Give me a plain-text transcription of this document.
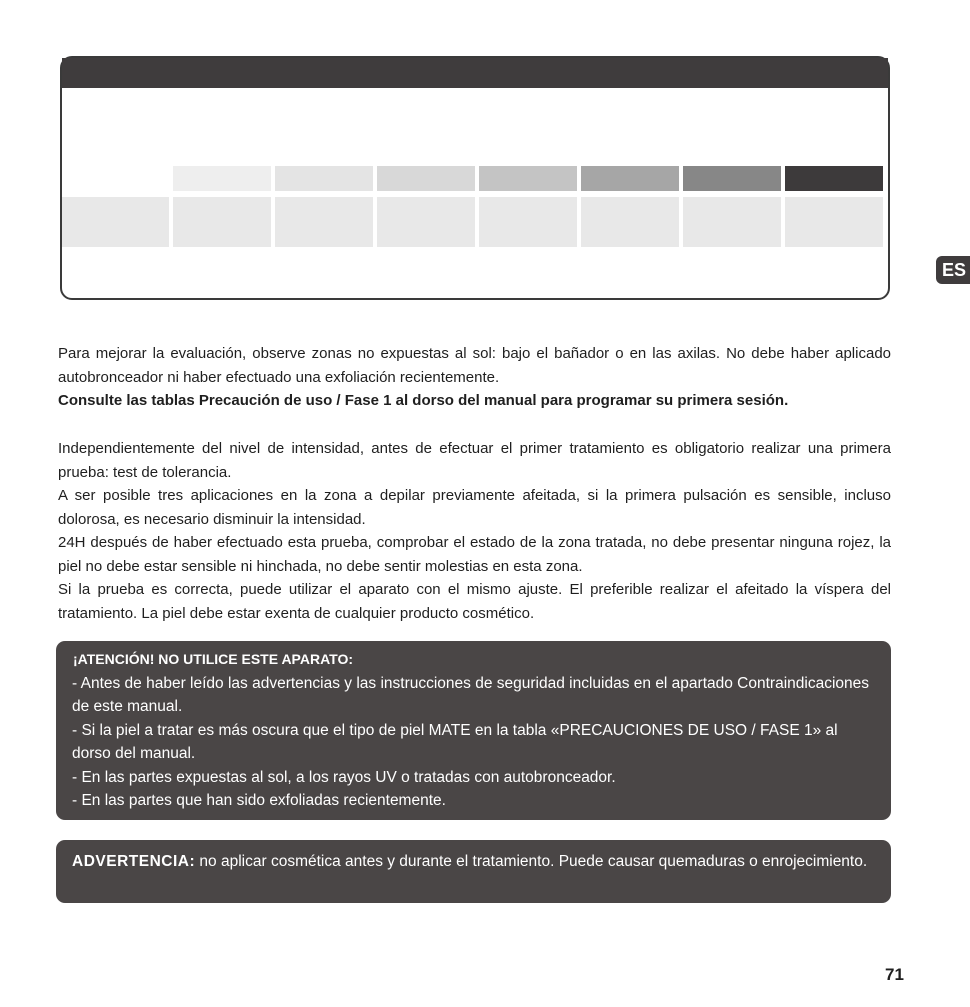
ES

Para mejorar la evaluación, observe zonas no expuestas al sol: bajo el bañador o en las axilas. No debe haber aplicado autobronceador ni haber efectuado una exfoliación recientemente.

Consulte las tablas Precaución de uso / Fase 1 al dorso del manual para programar su primera sesión.

Independientemente del nivel de intensidad, antes de efectuar el primer tratamiento es obligatorio realizar una primera prueba: test de tolerancia.

A ser posible tres aplicaciones en la zona a depilar previamente afeitada, si la primera pulsación es sensible, incluso dolorosa, es necesario disminuir la intensidad.

24H después de haber efectuado esta prueba, comprobar el estado de la zona tratada, no debe presentar ninguna rojez, la piel no debe estar sensible ni hinchada, no debe sentir molestias en esta zona.

Si la prueba es correcta, puede utilizar el aparato con el mismo ajuste. El preferible realizar el afeitado la víspera del tratamiento. La piel debe estar exenta de cualquier producto cosmético.

¡ATENCIÓN! NO UTILICE ESTE APARATO:

- Antes de haber leído las advertencias y las instrucciones de seguridad incluidas en el apartado Contraindicaciones de este manual.

- Si la piel a tratar es más oscura que el tipo de piel MATE en la tabla «PRECAUCIONES DE USO / FASE 1» al dorso del manual.

- En las partes expuestas al sol, a los rayos UV o tratadas con autobronceador.

- En las partes que han sido exfoliadas recientemente.

ADVERTENCIA: no aplicar cosmética antes y durante el tratamiento. Puede causar quemaduras o enrojecimiento.

71
